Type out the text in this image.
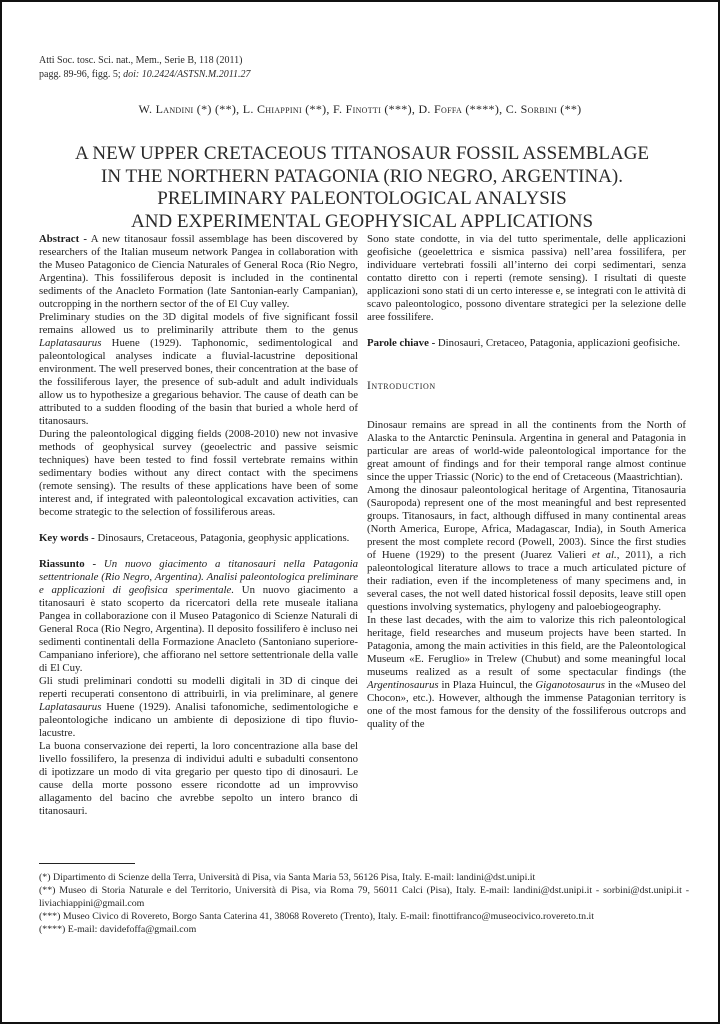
Atti Soc. tosc. Sci. nat., Mem., Serie B, 118 (2011)
pagg. 89-96, figg. 5; doi: 10.2424/ASTSN.M.2011.27
W. Landini (*) (**), L. Chiappini (**), F. Finotti (***), D. Foffa (****), C. Sorbini (**)
A NEW UPPER CRETACEOUS TITANOSAUR FOSSIL ASSEMBLAGE
IN THE NORTHERN PATAGONIA (RIO NEGRO, ARGENTINA).
PRELIMINARY PALEONTOLOGICAL ANALYSIS
AND EXPERIMENTAL GEOPHYSICAL APPLICATIONS

Abstract - A new titanosaur fossil assemblage has been discovered by researchers of the Italian museum network Pangea in collaboration with the Museo Patagonico de Ciencia Naturales of General Roca (Rio Negro, Argentina). This fossiliferous deposit is included in the continental sediments of the Anacleto Formation (late Santonian-early Campanian), outcropping in the northern sector of the of El Cuy valley.

Preliminary studies on the 3D digital models of five significant fossil remains allowed us to preliminarily attribute them to the genus Laplatasaurus Huene (1929). Taphonomic, sedimentological and paleontological analyses indicate a fluvial-lacustrine depositional environment. The well preserved bones, their concentration at the base of the fossiliferous layer, the presence of sub-adult and adult individuals allow us to hypothesize a gregarious behavior. The cause of death can be attributed to a sudden flooding of the basin that buried a whole herd of titanosaurs.

During the paleontological digging fields (2008-2010) new not invasive methods of geophysical survey (geoelectric and passive seismic techniques) have been tested to find fossil vertebrate remains within sedimentary bodies without any direct contact with the specimens (remote sensing). The results of these applications have been of some interest and, if integrated with paleontological excavation activities, can become strategic to the selection of fossiliferous areas.

Key words - Dinosaurs, Cretaceous, Patagonia, geophysic applications.

Riassunto - Un nuovo giacimento a titanosauri nella Patagonia settentrionale (Rio Negro, Argentina). Analisi paleontologica preliminare e applicazioni di geofisica sperimentale. Un nuovo giacimento a titanosauri è stato scoperto da ricercatori della rete museale italiana Pangea in collaborazione con il Museo Patagonico di Scienze Naturali di General Roca (Rio Negro, Argentina). Il deposito fossilifero è incluso nei sedimenti continentali della Formazione Anacleto (Santoniano superiore-Campaniano inferiore), che affiorano nel settore settentrionale della valle di El Cuy.

Gli studi preliminari condotti su modelli digitali in 3D di cinque dei reperti recuperati consentono di attribuirli, in via preliminare, al genere Laplatasaurus Huene (1929). Analisi tafonomiche, sedimentologiche e paleontologiche indicano un ambiente di deposizione di tipo fluvio-lacustre.

La buona conservazione dei reperti, la loro concentrazione alla base del livello fossilifero, la presenza di individui adulti e subadulti consentono di ipotizzare un modo di vita gregario per questo tipo di dinosauri. Le cause della morte possono essere ricondotte ad un improvviso allagamento del bacino che avrebbe sepolto un intero branco di titanosauri.

Sono state condotte, in via del tutto sperimentale, delle applicazioni geofisiche (geoelettrica e sismica passiva) nell’area fossilifera, per individuare vertebrati fossili all’interno dei corpi sedimentari, senza contatto diretto con i reperti (remote sensing). I risultati di queste applicazioni sono stati di un certo interesse e, se integrati con le attività di scavo paleontologico, possono diventare strategici per la selezione delle aree fossilifere.

Parole chiave - Dinosauri, Cretaceo, Patagonia, applicazioni geofisiche.

Introduction

Dinosaur remains are spread in all the continents from the North of Alaska to the Antarctic Peninsula. Argentina in general and Patagonia in particular are areas of world-wide paleontological importance for the great amount of findings and for their temporal range almost continue since the upper Triassic (Noric) to the end of Cretaceous (Maastrichtian).

Among the dinosaur paleontological heritage of Argentina, Titanosauria (Sauropoda) represent one of the most meaningful and best represented groups. Titanosaurs, in fact, although diffused in many continental areas (North America, Europe, Africa, Madagascar, India), in South America present the most complete record (Powell, 2003). Since the first studies of Huene (1929) to the present (Juarez Valieri et al., 2011), a rich paleontological literature allows to trace a much articulated picture of their radiation, even if the incompleteness of many specimens and, in several cases, the not well dated historical fossil deposits, leave still open questions involving systematics, phylogeny and paloebiogeography.

In these last decades, with the aim to valorize this rich paleontological heritage, field researches and museum projects have been started. In Patagonia, among the main activities in this field, are the Paleontological Museum «E. Feruglio» in Trelew (Chubut) and some meaningful local museums realized as a result of some spectacular findings (the Argentinosaurus in Plaza Huincul, the Giganotosaurus in the «Museo del Chocon», etc.). However, although the immense Patagonian territory is one of the most famous for the density of the fossiliferous outcrops and quality of the

(*) Dipartimento di Scienze della Terra, Università di Pisa, via Santa Maria 53, 56126 Pisa, Italy. E-mail: landini@dst.unipi.it
(**) Museo di Storia Naturale e del Territorio, Università di Pisa, via Roma 79, 56011 Calci (Pisa), Italy. E-mail: landini@dst.unipi.it - sorbini@dst.unipi.it - liviachiappini@gmail.com
(***) Museo Civico di Rovereto, Borgo Santa Caterina 41, 38068 Rovereto (Trento), Italy. E-mail: finottifranco@museocivico.rovereto.tn.it
(****) E-mail: davidefoffa@gmail.com
